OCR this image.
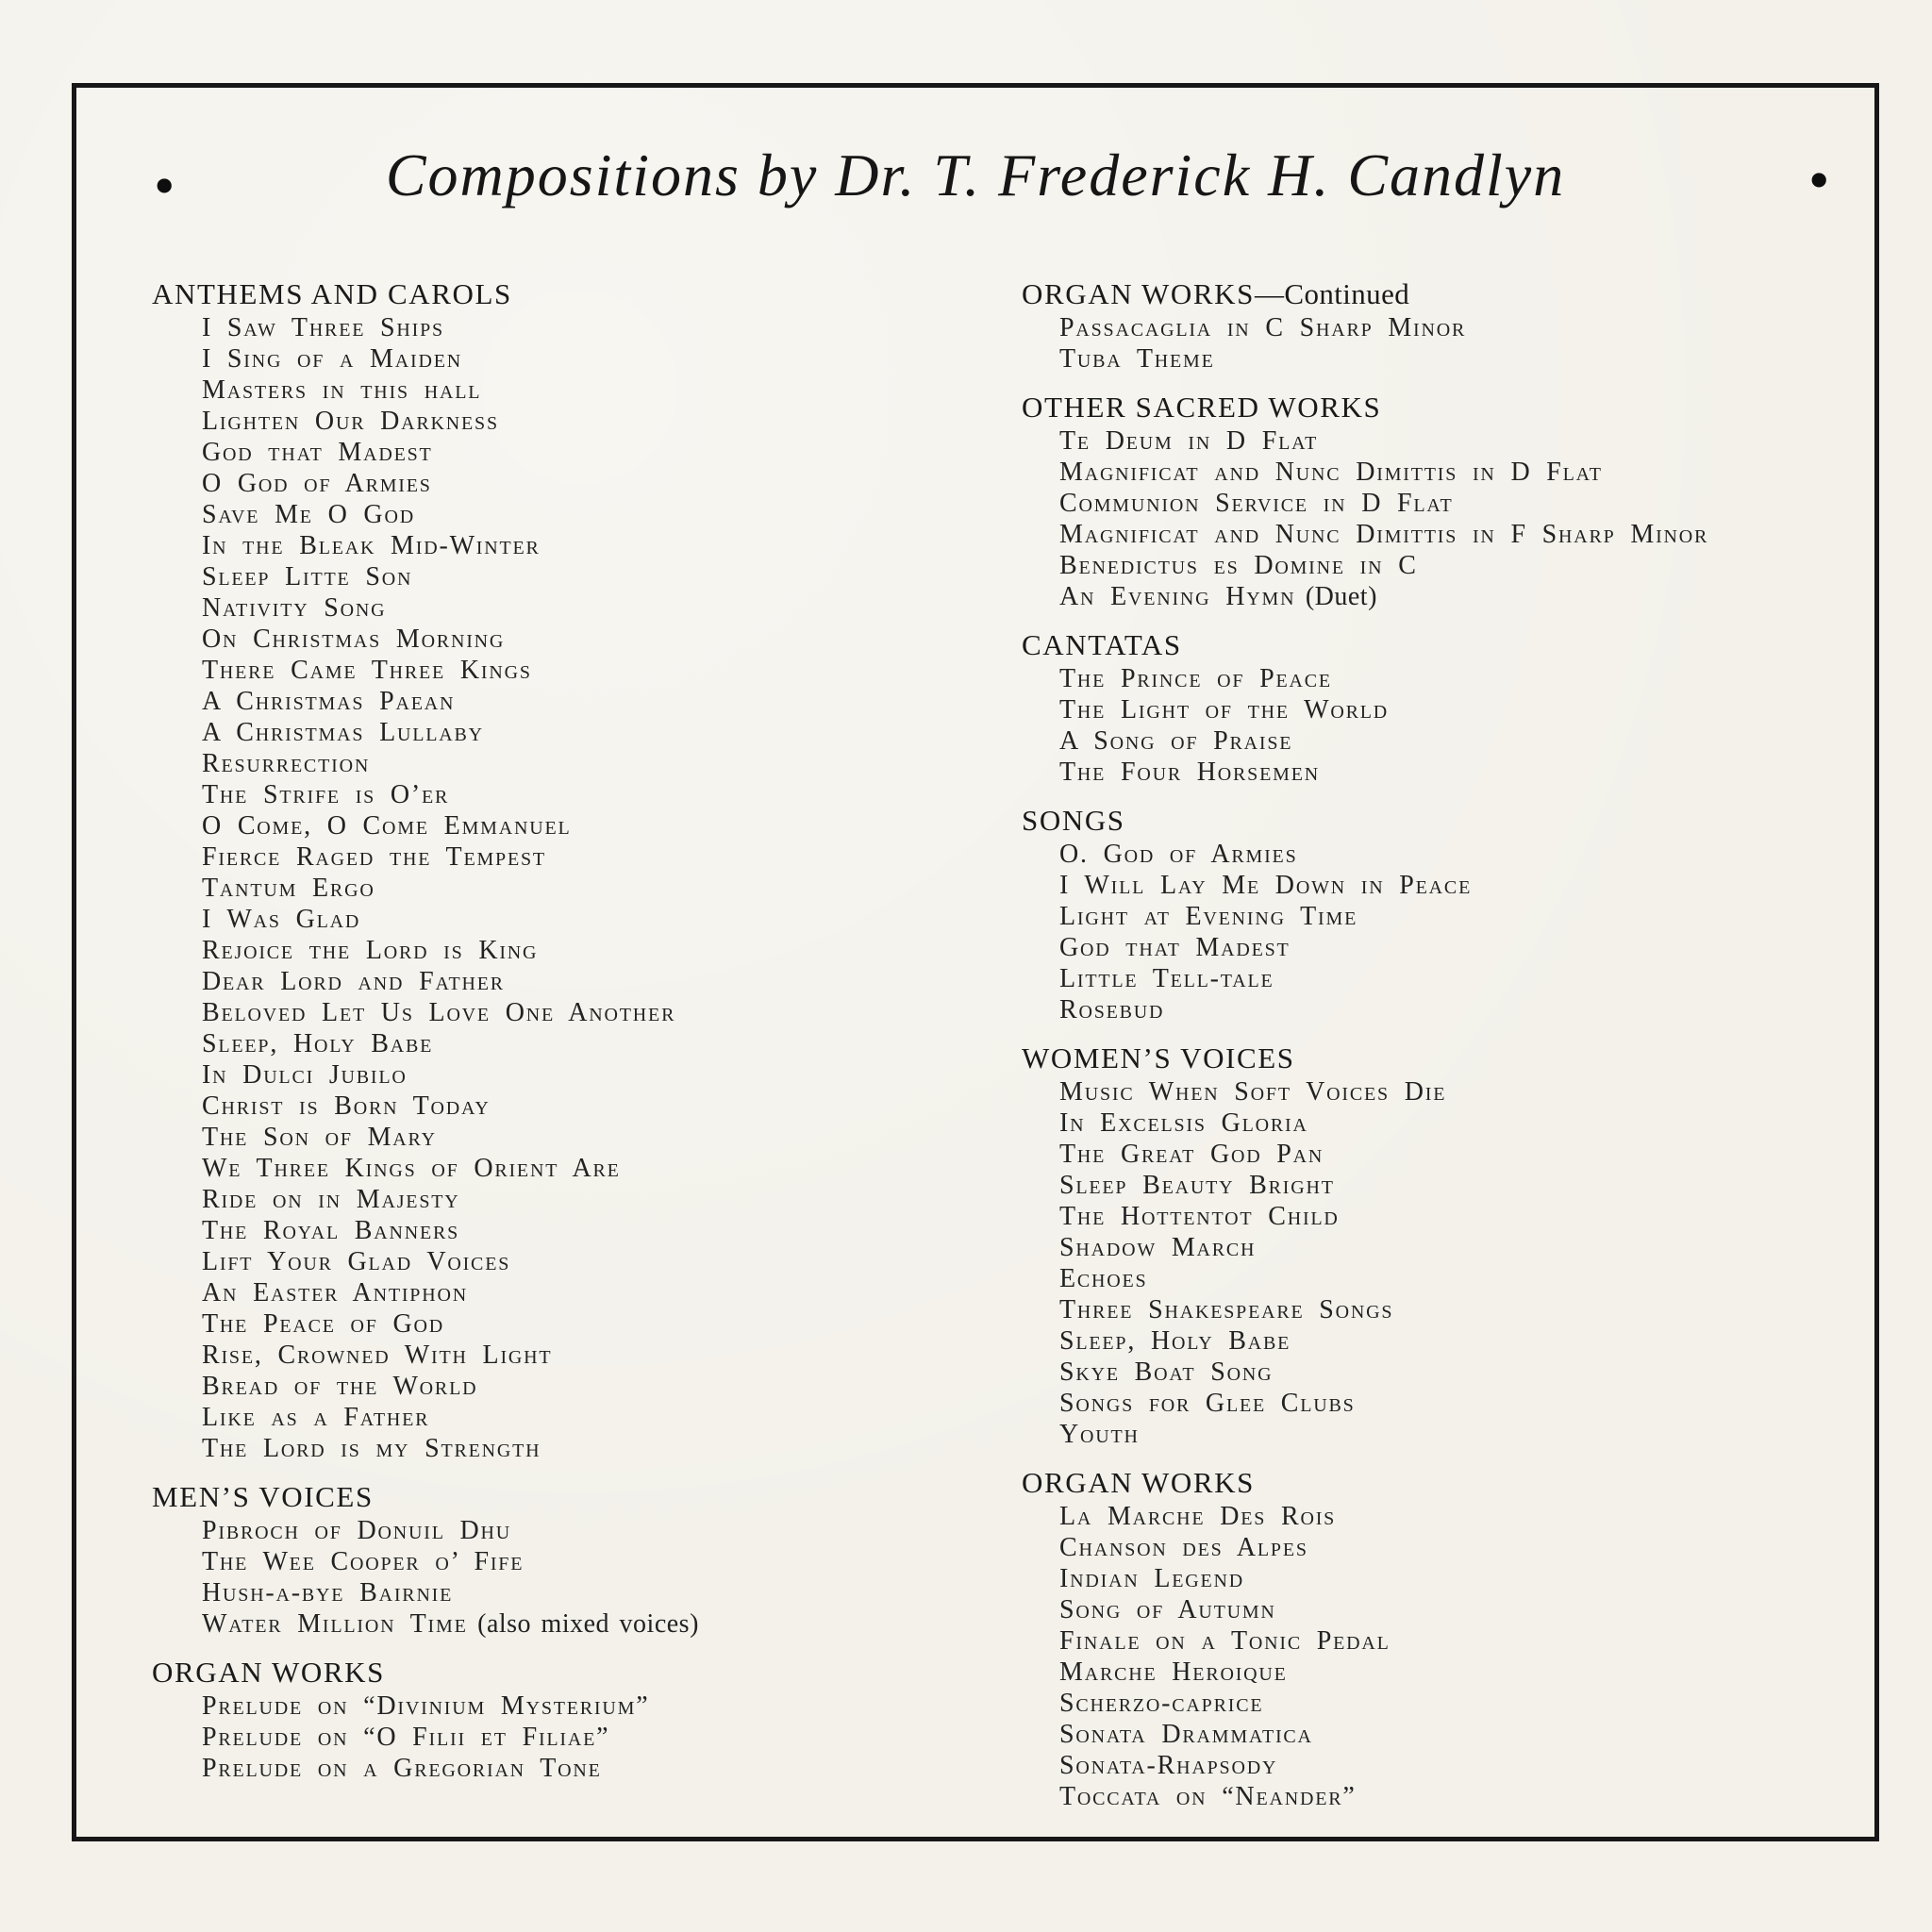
•	Compositions by Dr. T. Frederick H. Candlyn	•
ANTHEMS AND CAROLS
I Saw Three Ships
I Sing of a Maiden
Masters in this hall
Lighten Our Darkness
God that Madest
O God of Armies
Save Me O God
In the Bleak Mid-Winter
Sleep Litte Son
Nativity Song
On Christmas Morning
There Came Three Kings
A Christmas Paean
A Christmas Lullaby
Resurrection
The Strife is O’er
O Come, O Come Emmanuel
Fierce Raged the Tempest
Tantum Ergo
I Was Glad
Rejoice the Lord is King
Dear Lord and Father
Beloved Let Us Love One Another
Sleep, Holy Babe
In Dulci Jubilo
Christ is Born Today
The Son of Mary
We Three Kings of Orient Are
Ride on in Majesty
The Royal Banners
Lift Your Glad Voices
An Easter Antiphon
The Peace of God
Rise, Crowned With Light
Bread of the World
Like as a Father
The Lord is my Strength
MEN’S VOICES
Pibroch of Donuil Dhu
The Wee Cooper o’ Fife
Hush-a-bye Bairnie
Water Million Time (also mixed voices)
ORGAN WORKS
Prelude on “Divinium Mysterium”
Prelude on “O Filii et Filiae”
Prelude on a Gregorian Tone
ORGAN WORKS—Continued
Passacaglia in C Sharp Minor
Tuba Theme
OTHER SACRED WORKS
Te Deum in D Flat
Magnificat and Nunc Dimittis in D Flat
Communion Service in D Flat
Magnificat and Nunc Dimittis in F Sharp Minor
Benedictus es Domine in C
An Evening Hymn (Duet)
CANTATAS
The Prince of Peace
The Light of the World
A Song of Praise
The Four Horsemen
SONGS
O. God of Armies
I Will Lay Me Down in Peace
Light at Evening Time
God that Madest
Little Tell-tale
Rosebud
WOMEN’S VOICES
Music When Soft Voices Die
In Excelsis Gloria
The Great God Pan
Sleep Beauty Bright
The Hottentot Child
Shadow March
Echoes
Three Shakespeare Songs
Sleep, Holy Babe
Skye Boat Song
Songs for Glee Clubs
Youth
ORGAN WORKS
La Marche Des Rois
Chanson des Alpes
Indian Legend
Song of Autumn
Finale on a Tonic Pedal
Marche Heroique
Scherzo-caprice
Sonata Drammatica
Sonata-Rhapsody
Toccata on “Neander”
